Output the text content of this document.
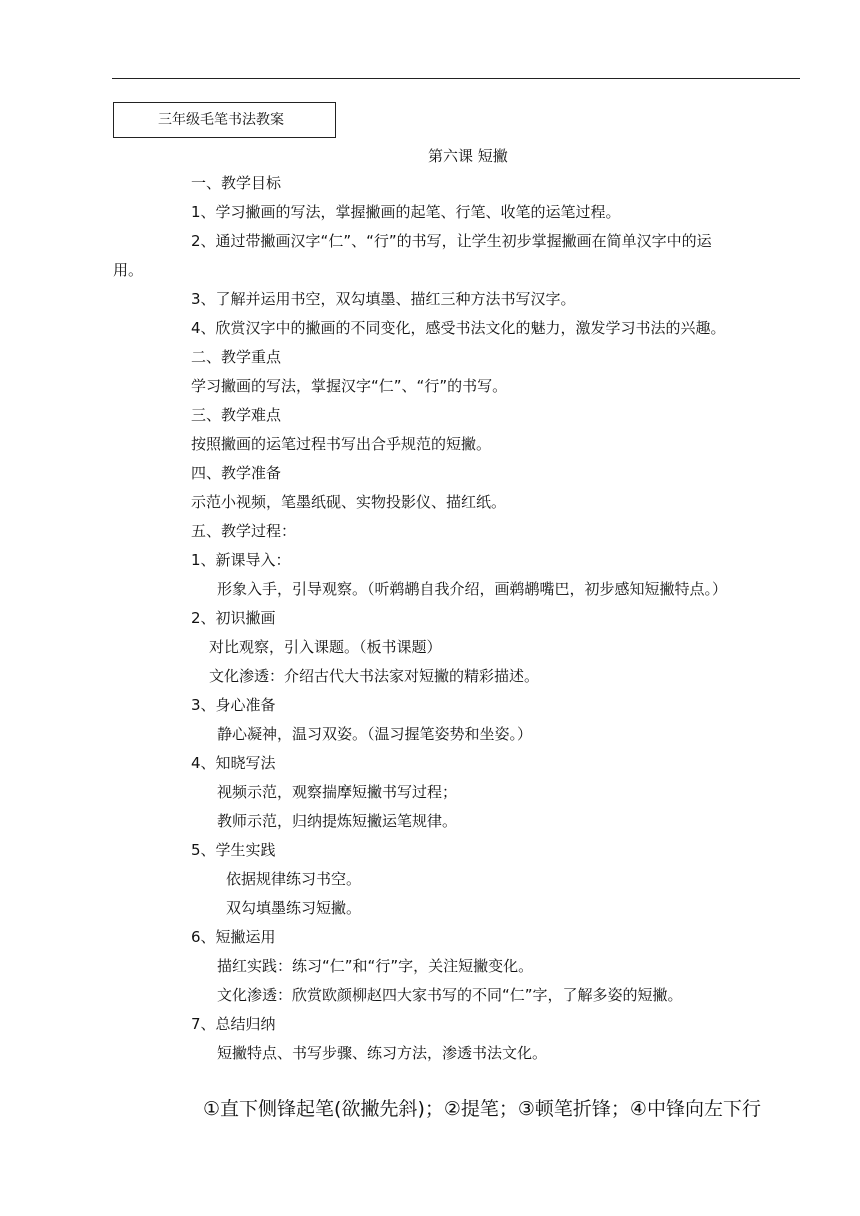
三年级毛笔书法教案
第六课 短撇
一、教学目标
1、学习撇画的写法，掌握撇画的起笔、行笔、收笔的运笔过程。
2、通过带撇画汉字“仁”、“行”的书写，让学生初步掌握撇画在简单汉字中的运
用。
3、了解并运用书空，双勾填墨、描红三种方法书写汉字。
4、欣赏汉字中的撇画的不同变化，感受书法文化的魅力，激发学习书法的兴趣。
二、教学重点
学习撇画的写法，掌握汉字“仁”、“行”的书写。
三、教学难点
按照撇画的运笔过程书写出合乎规范的短撇。
四、教学准备
示范小视频，笔墨纸砚、实物投影仪、描红纸。
五、教学过程：
1、新课导入：
形象入手，引导观察。（听鹈鹕自我介绍，画鹈鹕嘴巴，初步感知短撇特点。）
2、初识撇画
对比观察，引入课题。（板书课题）
文化渗透：介绍古代大书法家对短撇的精彩描述。
3、身心准备
静心凝神，温习双姿。（温习握笔姿势和坐姿。）
4、知晓写法
视频示范，观察揣摩短撇书写过程；
教师示范，归纳提炼短撇运笔规律。
5、学生实践
依据规律练习书空。
双勾填墨练习短撇。
6、短撇运用
描红实践：练习“仁”和“行”字，关注短撇变化。
文化渗透：欣赏欧颜柳赵四大家书写的不同“仁”字，了解多姿的短撇。
7、总结归纳
短撇特点、书写步骤、练习方法，渗透书法文化。
①直下侧锋起笔(欲撇先斜)；②提笔；③顿笔折锋；④中锋向左下行
